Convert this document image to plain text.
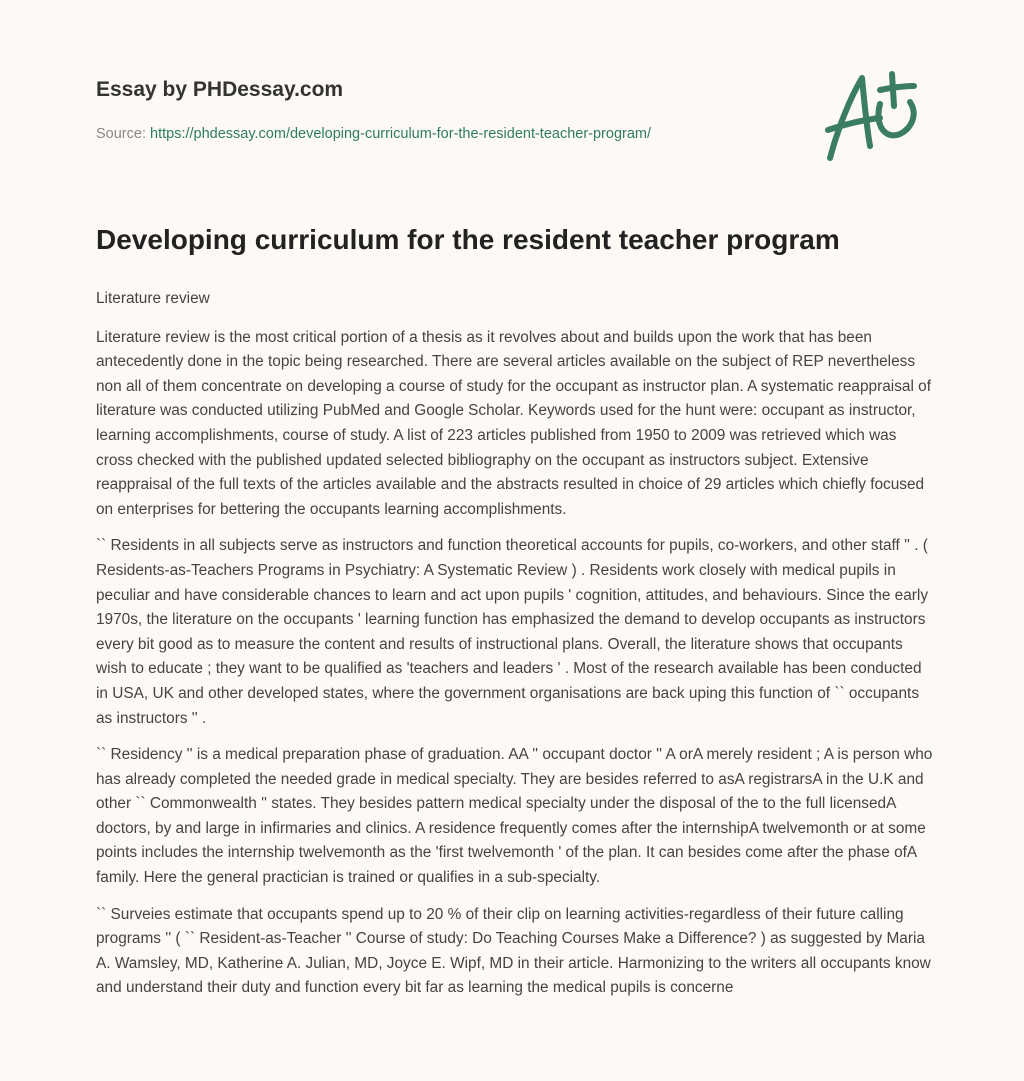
Essay by PHDessay.com
Source: https://phdessay.com/developing-curriculum-for-the-resident-teacher-program/
Developing curriculum for the resident teacher program

Literature review

Literature review is the most critical portion of a thesis as it revolves about and builds upon the work that has been antecedently done in the topic being researched. There are several articles available on the subject of REP nevertheless non all of them concentrate on developing a course of study for the occupant as instructor plan. A systematic reappraisal of literature was conducted utilizing PubMed and Google Scholar. Keywords used for the hunt were: occupant as instructor, learning accomplishments, course of study. A list of 223 articles published from 1950 to 2009 was retrieved which was cross checked with the published updated selected bibliography on the occupant as instructors subject. Extensive reappraisal of the full texts of the articles available and the abstracts resulted in choice of 29 articles which chiefly focused on enterprises for bettering the occupants learning accomplishments.

`` Residents in all subjects serve as instructors and function theoretical accounts for pupils, co-workers, and other staff '' . ( Residents-as-Teachers Programs in Psychiatry: A Systematic Review ) . Residents work closely with medical pupils in peculiar and have considerable chances to learn and act upon pupils ' cognition, attitudes, and behaviours. Since the early 1970s, the literature on the occupants ' learning function has emphasized the demand to develop occupants as instructors every bit good as to measure the content and results of instructional plans. Overall, the literature shows that occupants wish to educate ; they want to be qualified as 'teachers and leaders ' . Most of the research available has been conducted in USA, UK and other developed states, where the government organisations are back uping this function of `` occupants as instructors '' .

`` Residency '' is a medical preparation phase of graduation. AA '' occupant doctor '' A orA merely resident ; A is person who has already completed the needed grade in medical specialty. They are besides referred to asA registrarsA in the U.K and other `` Commonwealth '' states. They besides pattern medical specialty under the disposal of the to the full licensedA doctors, by and large in infirmaries and clinics. A residence frequently comes after the internshipA twelvemonth or at some points includes the internship twelvemonth as the 'first twelvemonth ' of the plan. It can besides come after the phase ofA family. Here the general practician is trained or qualifies in a sub-specialty.

`` Surveies estimate that occupants spend up to 20 % of their clip on learning activities-regardless of their future calling programs '' ( `` Resident-as-Teacher '' Course of study: Do Teaching Courses Make a Difference? ) as suggested by Maria A. Wamsley, MD, Katherine A. Julian, MD, Joyce E. Wipf, MD in their article. Harmonizing to the writers all occupants know and understand their duty and function every bit far as learning the medical pupils is concerne
